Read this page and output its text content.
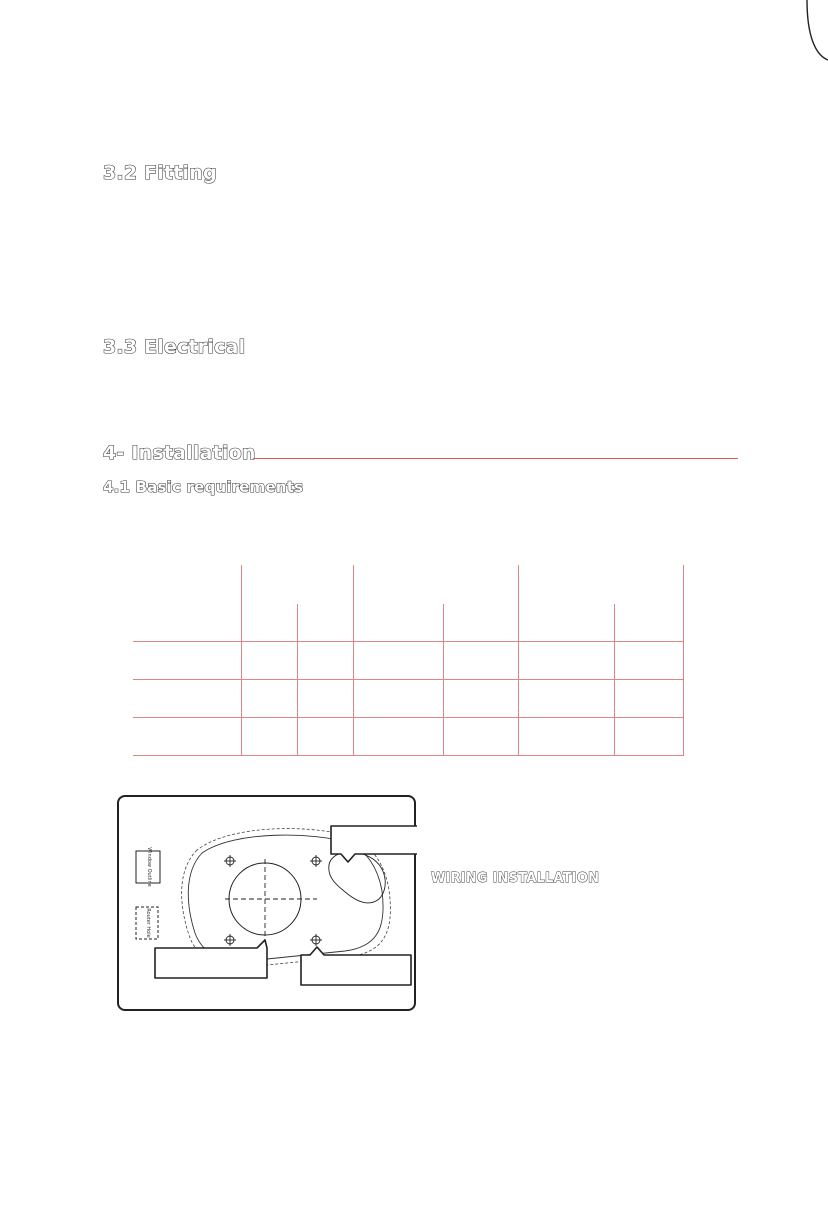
3.2 Fitting
3.3 Electrical
4- Installation
4.1 Basic requirements

Window Outline
Router Hole
WIRING INSTALLATION
